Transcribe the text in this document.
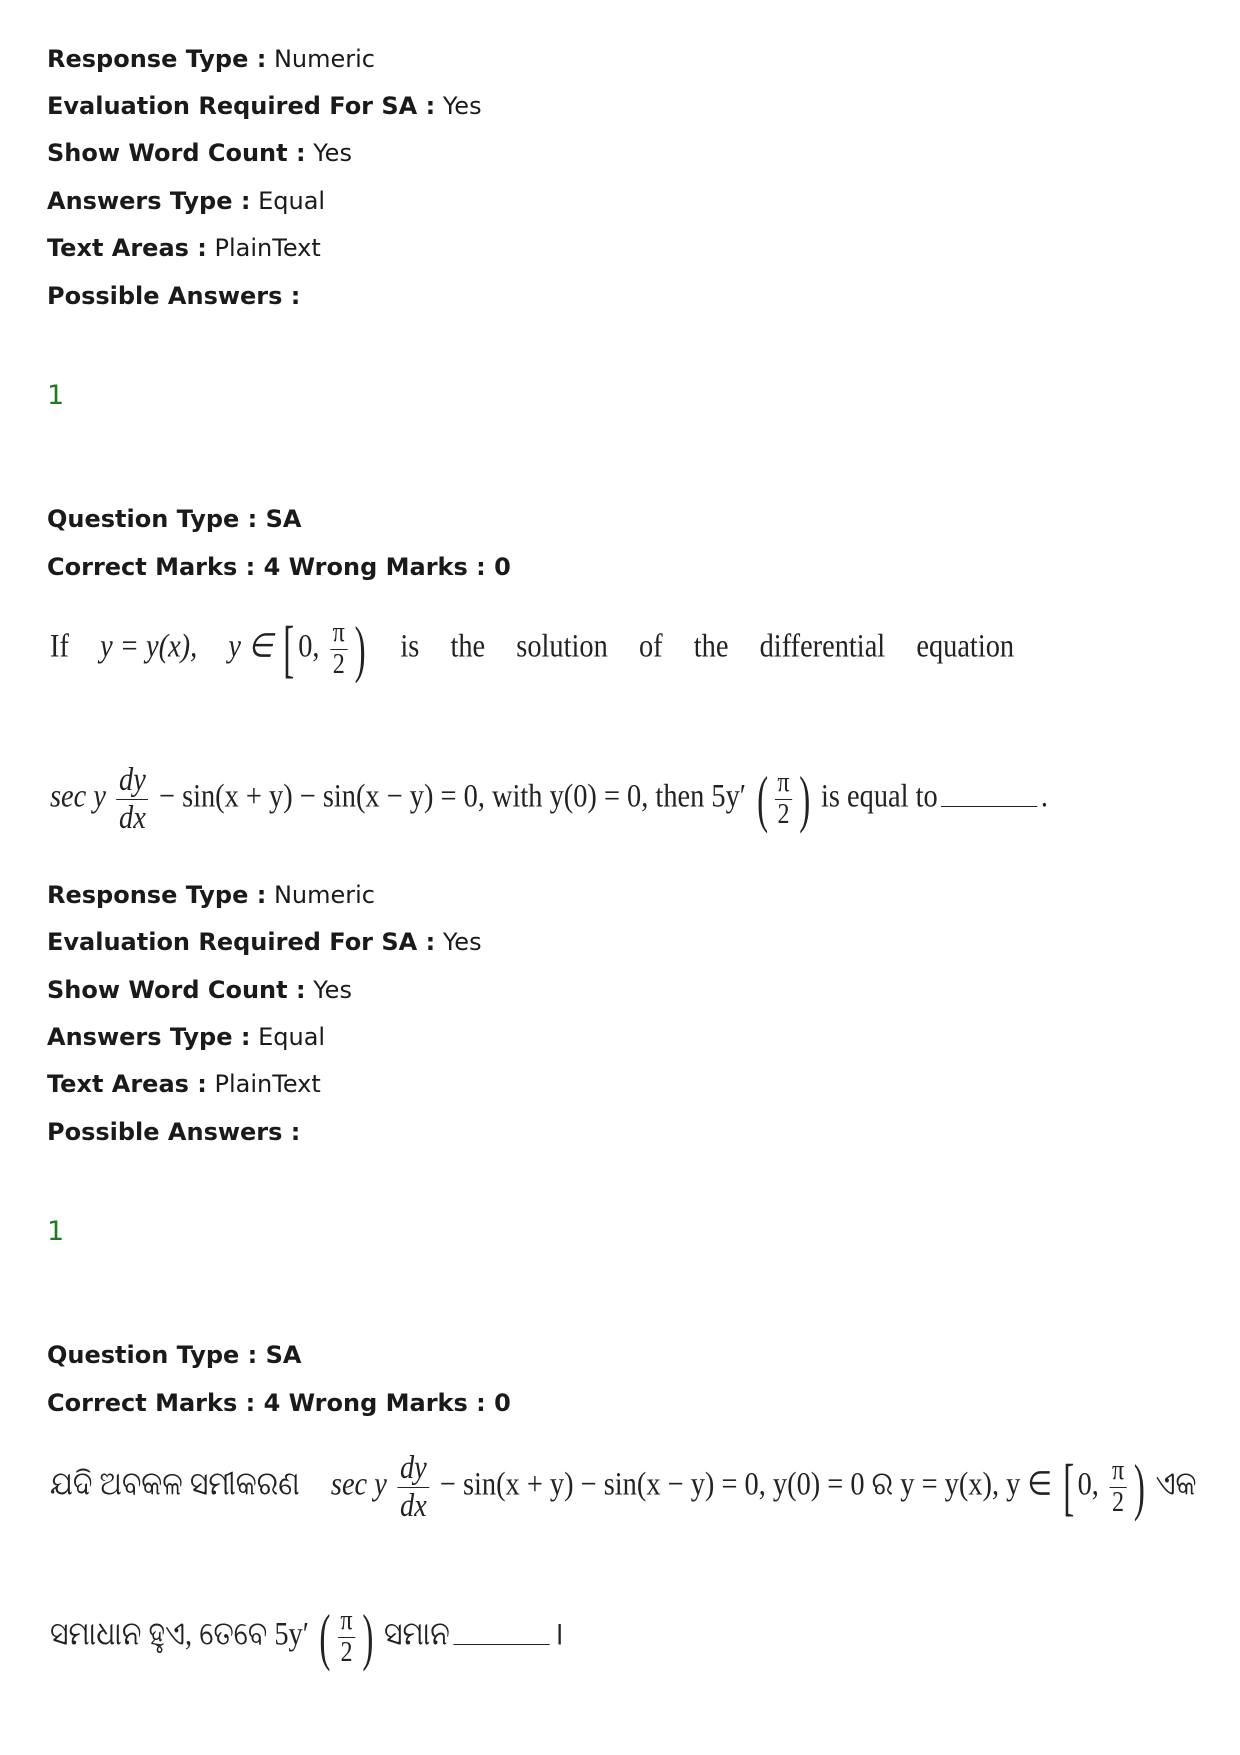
Response Type : Numeric
Evaluation Required For SA : Yes
Show Word Count : Yes
Answers Type : Equal
Text Areas : PlainText
Possible Answers :
1
Question Type : SA
Correct Marks : 4 Wrong Marks : 0
If y = y(x), y ∈ [ 0, $\frac{\pi}{2}$ ) is the solution of the differential equation
sec y $\frac{dy}{dx} - \sin(x + y) - \sin(x - y) = 0$, with y(0) = 0, then 5y′ ( $\frac{\pi}{2}$ ) is equal to	.
Response Type : Numeric
Evaluation Required For SA : Yes
Show Word Count : Yes
Answers Type : Equal
Text Areas : PlainText
Possible Answers :
1
Question Type : SA
Correct Marks : 4 Wrong Marks : 0
ଯଦି ଅବକଳ ସମୀକରଣ sec y $\frac{dy}{dx} - \sin(x + y) - \sin(x - y) = 0$, y(0) = 0 ର y = y(x), y ∈ [ 0, $\frac{\pi}{2}$ ) ଏକ
ସମାଧାନ ହୁଏ, ତେବେ 5y′ ( $\frac{\pi}{2}$ ) ସମାନ	।
